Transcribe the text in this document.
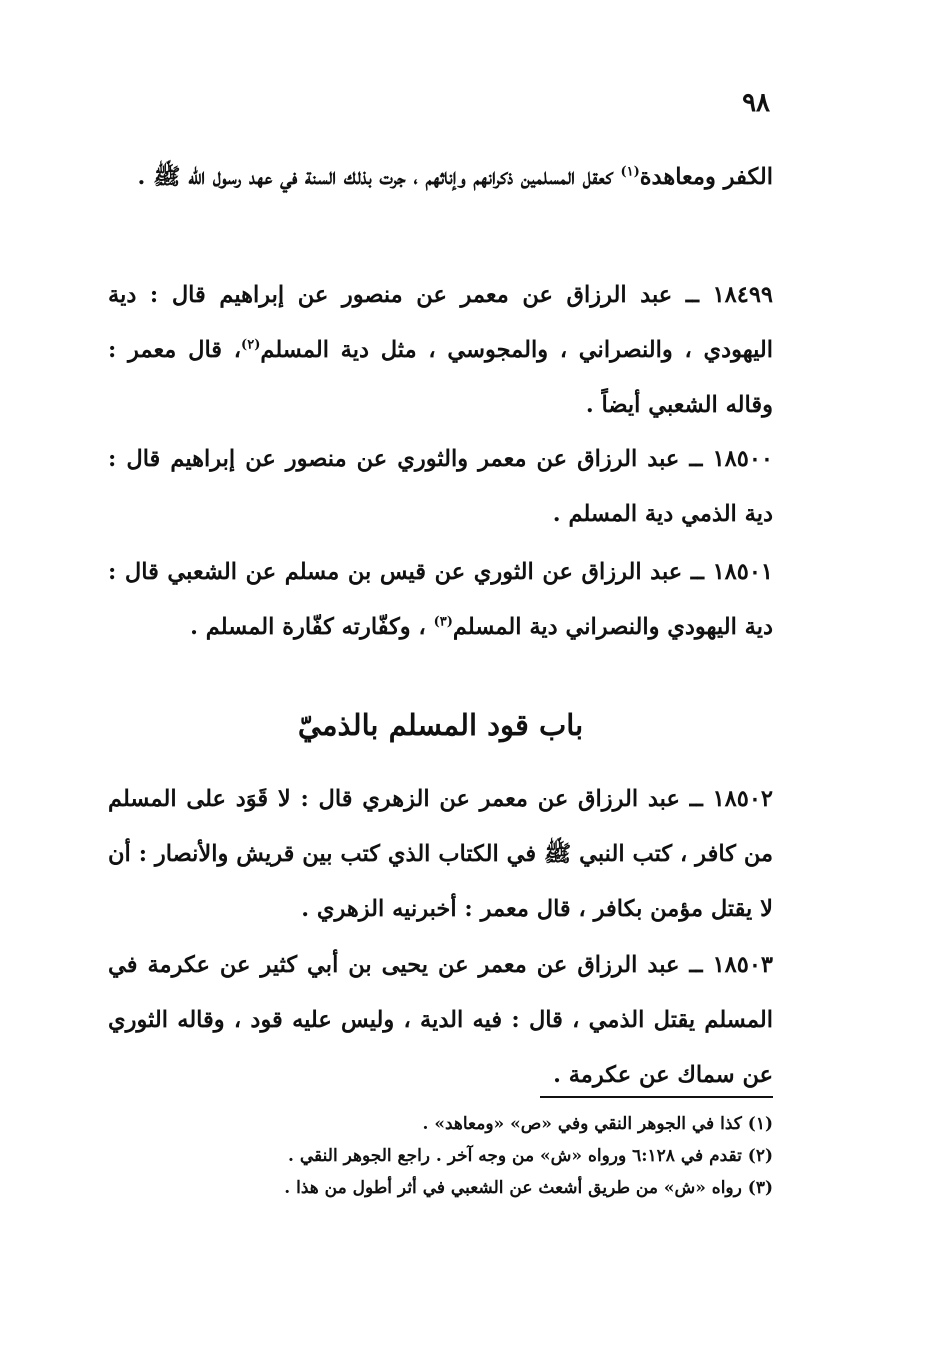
٩٨
الكفر ومعاهدة$^{(١)}$ كعقل المسلمين ذكرانهم وإناثهم ، جرت بذلك السنة في عهد رسول الله ﷺ .
١٨٤٩٩ ــ عبد الرزاق عن معمر عن منصور عن إبراهيم قال : دية اليهودي ، والنصراني ، والمجوسي ، مثل دية المسلم$^{(٢)}$، قال معمر : وقاله الشعبي أيضاً .
١٨٥٠٠ ــ عبد الرزاق عن معمر والثوري عن منصور عن إبراهيم قال : دية الذمي دية المسلم .
١٨٥٠١ ــ عبد الرزاق عن الثوري عن قيس بن مسلم عن الشعبي قال : دية اليهودي والنصراني دية المسلم$^{(٣)}$ ، وكفّارته كفّارة المسلم .
باب قود المسلم بالذميّ
١٨٥٠٢ ــ عبد الرزاق عن معمر عن الزهري قال : لا قَوَد على المسلم من كافر ، كتب النبي ﷺ في الكتاب الذي كتب بين قريش والأنصار : أن لا يقتل مؤمن بكافر ، قال معمر : أخبرنيه الزهري .
١٨٥٠٣ ــ عبد الرزاق عن معمر عن يحيى بن أبي كثير عن عكرمة في المسلم يقتل الذمي ، قال : فيه الدية ، وليس عليه قود ، وقاله الثوري عن سماك عن عكرمة .
(١) كذا في الجوهر النقي وفي «ص» «ومعاهد» .
(٢) تقدم في ٦:١٢٨ ورواه «ش» من وجه آخر . راجع الجوهر النقي .
(٣) رواه «ش» من طريق أشعث عن الشعبي في أثر أطول من هذا .
